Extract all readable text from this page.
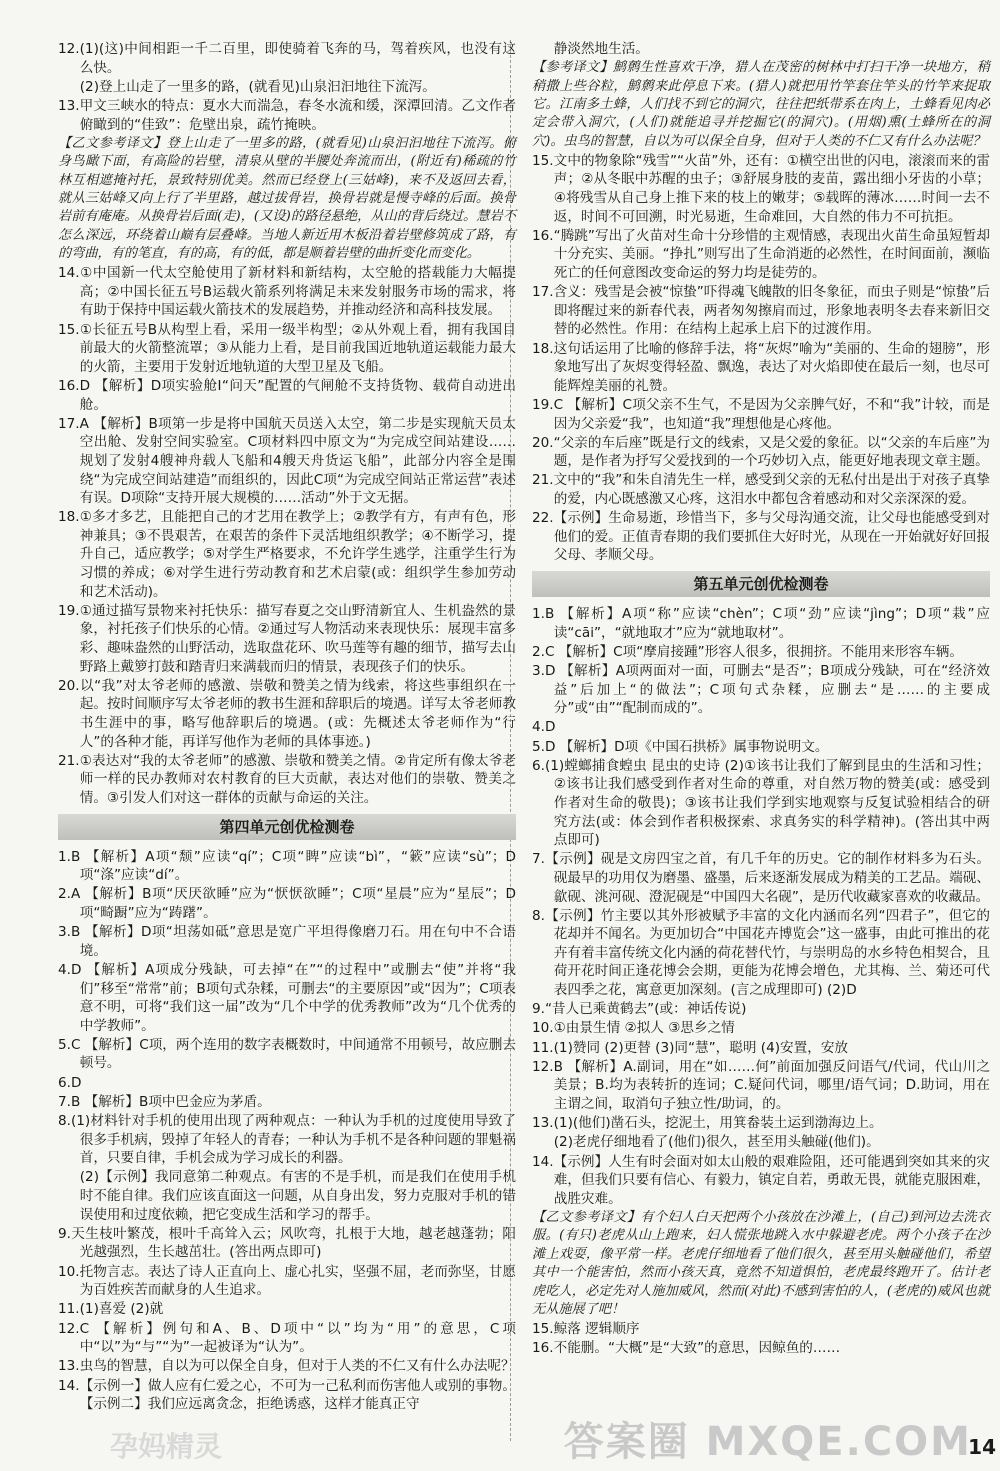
12.(1)(这)中间相距一千二百里，即使骑着飞奔的马，驾着疾风，也没有这么快。
(2)登上山走了一里多的路，(就看见)山泉汩汩地往下流泻。
13.甲文三峡水的特点：夏水大而湍急，春冬水流和缓，深潭回清。乙文作者俯瞰到的“佳致”：危壁出泉，疏竹掩映。
【乙文参考译文】登上山走了一里多的路，(就看见)山泉汩汩地往下流泻。俯身鸟瞰下面，有高险的岩壁，清泉从壁的半腰处奔流而出，(附近有)稀疏的竹林互相遮掩衬托，景致特别优美。然而已经登上(三姑峰)，来不及返回去看，就从三姑峰又向上行了半里路，越过拔骨岩，换骨岩就是慢寺峰的后面。换骨岩前有庵庵。从换骨岩后面(走)，(又设)的路径悬绝，从山的背后绕过。慧岩不怎么深远，环绕着山巅有层叠峰。当地人新近用木板沿着岩壁修筑成了路，有的弯曲，有的笔直，有的高，有的低，都是顺着岩壁的曲折变化而变化。
14.①中国新一代太空舱使用了新材料和新结构，太空舱的搭载能力大幅提高；②中国长征五号B运载火箭系列将满足未来发射服务市场的需求，将有助于保持中国运载火箭技术的发展趋势，并推动经济和高科技发展。
15.①长征五号B从构型上看，采用一级半构型；②从外观上看，拥有我国目前最大的火箭整流罩；③从能力上看，是目前我国近地轨道运载能力最大的火箭，主要用于发射近地轨道的大型卫星及飞船。
16.D 【解析】D项实验舱Ⅰ“问天”配置的气闸舱不支持货物、载荷自动进出舱。
17.A 【解析】B项第一步是将中国航天员送入太空，第二步是实现航天员太空出舱、发射空间实验室。C项材料四中原文为“为完成空间站建设……规划了发射4艘神舟载人飞船和4艘天舟货运飞船”，此部分内容全是围绕“为完成空间站建造”而组织的，因此C项“为完成空间站正常运营”表述有误。D项除“支持开展大规模的……活动”外于文无据。
18.①多才多艺，且能把自己的才艺用在教学上；②教学有方，有声有色，形神兼具；③不畏艰苦，在艰苦的条件下灵活地组织教学；④不断学习，提升自己，适应教学；⑤对学生严格要求，不允许学生逃学，注重学生行为习惯的养成；⑥对学生进行劳动教育和艺术启蒙(或：组织学生参加劳动和艺术活动)。
19.①通过描写景物来衬托快乐：描写春夏之交山野清新宜人、生机盎然的景象，衬托孩子们快乐的心情。②通过写人物活动来表现快乐：展现丰富多彩、趣味盎然的山野活动，选取盘花环、吹马莲等有趣的细节，描写去山野路上戴箩打鼓和踏青归来满载而归的情景，表现孩子们的快乐。
20.以“我”对太爷老师的感激、崇敬和赞美之情为线索，将这些事组织在一起。按时间顺序写太爷老师的教书生涯和辞职后的境遇。详写太爷老师教书生涯中的事，略写他辞职后的境遇。(或：先概述太爷老师作为“行人”的各种才能，再详写他作为老师的具体事迹。)
21.①表达对“我的太爷老师”的感激、崇敬和赞美之情。②肯定所有像太爷老师一样的民办教师对农村教育的巨大贡献，表达对他们的崇敬、赞美之情。③引发人们对这一群体的贡献与命运的关注。
第四单元创优检测卷
1.B 【解析】A项“颓”应读“qí”；C项“睥”应读“bì”，“簌”应读“sù”；D项“涤”应读“dí”。
2.A 【解析】B项“厌厌欲睡”应为“恹恹欲睡”；C项“星晨”应为“星辰”；D项“畸蹰”应为“踌躇”。
3.B 【解析】D项“坦荡如砥”意思是宽广平坦得像磨刀石。用在句中不合语境。
4.D 【解析】A项成分残缺，可去掉“在”“的过程中”或删去“使”并将“我们”移至“常常”前；B项句式杂糅，可删去“的主要原因”或“因为”；C项表意不明，可将“我们这一届”改为“几个中学的优秀教师”改为“几个优秀的中学教师”。
5.C 【解析】C项，两个连用的数字表概数时，中间通常不用顿号，故应删去顿号。
6.D
7.B 【解析】B项中巴金应为茅盾。
8.(1)材料针对手机的使用出现了两种观点：一种认为手机的过度使用导致了很多手机病，毁掉了年轻人的青春；一种认为手机不是各种问题的罪魁祸首，只要自律，手机会成为学习成长的利器。
(2)【示例】我同意第二种观点。有害的不是手机，而是我们在使用手机时不能自律。我们应该直面这一问题，从自身出发，努力克服对手机的错误使用和过度依赖，把它变成生活和学习的帮手。
9.天生枝叶繁茂，根叶千高耸入云；风吹弯，扎根于大地，越老越蓬勃；阳光越强烈，生长越茁壮。(答出两点即可)
10.托物言志。表达了诗人正直向上、虚心扎实，坚强不屈，老而弥坚，甘愿为百姓疾苦而献身的人生追求。
11.(1)喜爱 (2)就
12.C 【解析】例句和A、B、D项中“以”均为“用”的意思，C项中“以”为“与”“为”一起被译为“认为”。
13.虫鸟的智慧，自以为可以保全自身，但对于人类的不仁又有什么办法呢？
14.【示例一】做人应有仁爱之心，不可为一己私利而伤害他人或别的事物。【示例二】我们应远离贪念，拒绝诱惑，这样才能真正守
静淡然地生活。
【参考译文】鹪鹩生性喜欢干净，猎人在茂密的树林中打扫干净一块地方，稍稍撒上些谷粒，鹪鹩来此停息下来。(猎人)就把用竹竿套住竿头的竹竿来捉取它。江南多土蜂，人们找不到它的洞穴，往往把纸带系在肉上，土蜂看见肉必定会带入洞穴，(人们)就能追寻并挖掘它(的洞穴)。(用烟)熏(土蜂所在的洞穴)。虫鸟的智慧，自以为可以保全自身，但对于人类的不仁又有什么办法呢？
15.文中的物象除“残雪”“火苗”外，还有：①横空出世的闪电，滚滚而来的雷声；②从冬眠中苏醒的虫子；③舒展身肢的麦苗，露出细小牙齿的小草；④将残雪从自己身上推下来的枝上的嫩芽；⑤载晖的薄冰……时间一去不返，时间不可回溯，时光易逝，生命难回，大自然的伟力不可抗拒。
16.“腾跳”写出了火苗对生命十分珍惜的主观情感，表现出火苗生命虽短暂却十分充实、美丽。“挣扎”则写出了生命消逝的必然性，在时间面前，濒临死亡的任何意图改变命运的努力均是徒劳的。
17.含义：残雪是会被“惊蛰”吓得魂飞魄散的旧冬象征，而虫子则是“惊蛰”后即将醒过来的新春代表，两者匆匆擦肩而过，形象地表明冬去春来新旧交替的必然性。作用：在结构上起承上启下的过渡作用。
18.这句话运用了比喻的修辞手法，将“灰烬”喻为“美丽的、生命的翅膀”，形象地写出了灰烬变得轻盈、飘逸，表达了对火焰即使在最后一刻，也尽可能辉煌美丽的礼赞。
19.C 【解析】C项父亲不生气，不是因为父亲脾气好，不和“我”计较，而是因为父亲爱“我”，也知道“我”理想他是心疼他。
20.“父亲的车后座”既是行文的线索，又是父爱的象征。以“父亲的车后座”为题，是作者为抒写父爱找到的一个巧妙切入点，能更好地表现文章主题。
21.文中的“我”和朱自清先生一样，感受到父亲的无私付出是出于对孩子真挚的爱，内心既感激又心疼，这泪水中都包含着感动和对父亲深深的爱。
22.【示例】生命易逝，珍惜当下，多与父母沟通交流，让父母也能感受到对他们的爱。正值青春期的我们要抓住大好时光，从现在一开始就好好回报父母、孝顺父母。
第五单元创优检测卷
1.B 【解析】A项“称”应读“chèn”；C项“劲”应读“jìng”；D项“栽”应读“cāi”，“就地取才”应为“就地取材”。
2.C 【解析】C项“摩肩接踵”形容人很多，很拥挤。不能用来形容车辆。
3.D 【解析】A项两面对一面，可删去“是否”；B项成分残缺，可在“经济效益”后加上“的做法”；C项句式杂糅，应删去“是……的主要成分”或“由”“配制而成的”。
4.D
5.D 【解析】D项《中国石拱桥》属事物说明文。
6.(1)螳螂捕食蝗虫 昆虫的史诗 (2)①该书让我们了解到昆虫的生活和习性；②该书让我们感受到作者对生命的尊重，对自然万物的赞美(或：感受到作者对生命的敬畏)；③该书让我们学到实地观察与反复试验相结合的研究方法(或：体会到作者积极探索、求真务实的科学精神)。(答出其中两点即可)
7.【示例】砚是文房四宝之首，有几千年的历史。它的制作材料多为石头。砚最早的功用仅为磨墨、盛墨，后来逐渐发展成为精美的工艺品。端砚、歙砚、洮河砚、澄泥砚是“中国四大名砚”，是历代收藏家喜欢的收藏品。
8.【示例】竹主要以其外形被赋予丰富的文化内涵而名列“四君子”，但它的花却并不闻名。为更加切合“中国花卉博览会”这一盛事，由此可推出的花卉有着丰富传统文化内涵的荷花替代竹，与崇明岛的水乡特色相契合，且荷开花时间正逢花博会会期，更能为花博会增色，尤其梅、兰、菊还可代表四季之花，寓意更加深刻。(言之成理即可) (2)D
9.“昔人已乘黄鹤去”(或：神话传说)
10.①由景生情 ②拟人 ③思乡之情
11.(1)赞同 (2)更替 (3)同“慧”，聪明 (4)安置，安放
12.B 【解析】A.副词，用在“如……何”前面加强反问语气/代词，代山川之美景；B.均为表转折的连词；C.疑问代词，哪里/语气词；D.助词，用在主谓之间，取消句子独立性/助词，的。
13.(1)(他们)凿石头，挖泥土，用箕畚装土运到渤海边上。
(2)老虎仔细地看了(他们)很久，甚至用头触碰(他们)。
14.【示例】人生有时会面对如太山般的艰难险阻，还可能遇到突如其来的灾难，但我们只要有信心、有毅力，镇定自若，勇敢无畏，就能克服困难，战胜灾难。
【乙文参考译文】有个妇人白天把两个小孩放在沙滩上，(自己)到河边去洗衣服。(有只)老虎从山上跑来，妇人慌张地跳入水中躲避老虎。两个小孩子在沙滩上戏耍，像平常一样。老虎仔细地看了他们很久，甚至用头触碰他们，希望其中一个能害怕，然而小孩天真，竟然不知道惧怕，老虎最终跑开了。估计老虎吃人，必定先对人施加威风，然而(对此)不感到害怕的人，(老虎的)威风也就无从施展了吧！
15.鲸落 逻辑顺序
16.不能删。“大概”是“大致”的意思，因鲸鱼的……
孕妈精灵	答案圈 MXQE.COM
14
